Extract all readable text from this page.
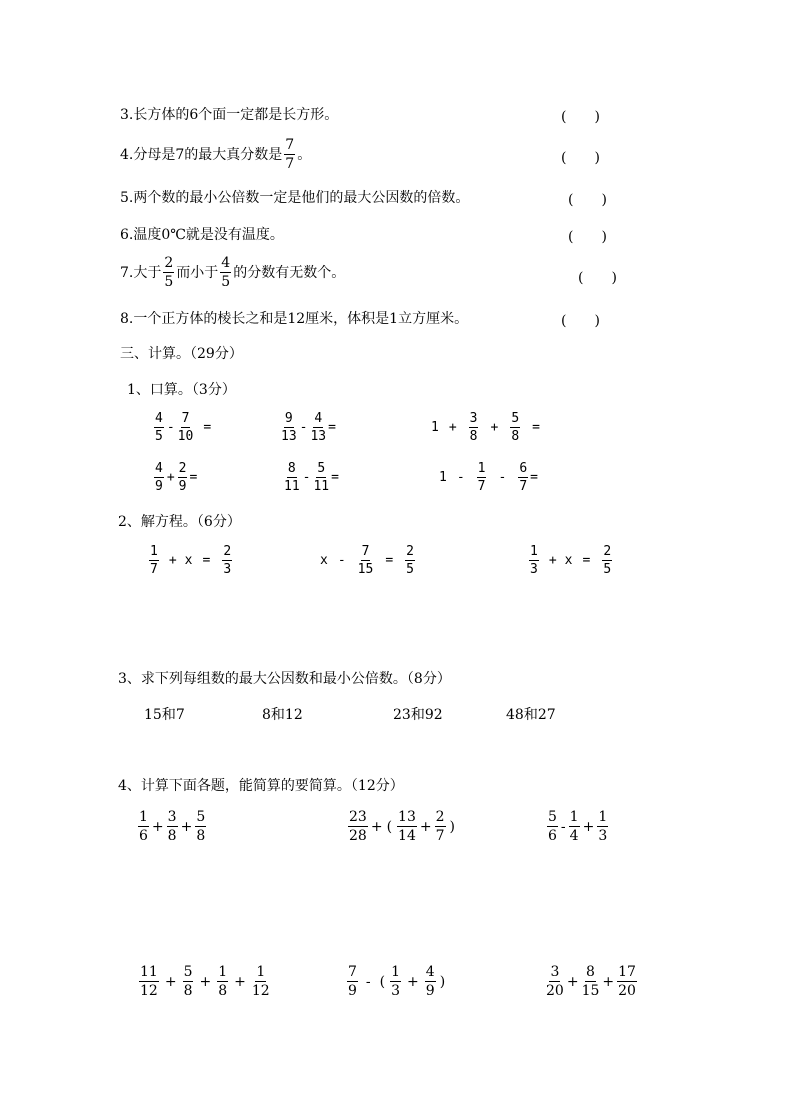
3.长方体的6个面一定都是长方形。	(　　)
4.分母是7的最大真分数是 $\frac{7}{7}$ 。	(　　)
5.两个数的最小公倍数一定是他们的最大公因数的倍数。	(　　)
6.温度0℃就是没有温度。	(　　)
7.大于 $\frac{2}{5}$ 而小于 $\frac{4}{5}$ 的分数有无数个。	(　　)
8.一个正方体的棱长之和是12厘米，体积是1立方厘米。	(　　)
三、计算。（29分）
1、口算。（3分）
$\frac{4}{5} - \frac{7}{10}$ =	$\frac{9}{13} - \frac{4}{13}$ =	$1 + \frac{3}{8} + \frac{5}{8}$ =
$\frac{4}{9} + \frac{2}{9}$ =	$\frac{8}{11} - \frac{5}{11}$ =	$1 - \frac{1}{7} - \frac{6}{7}$ =
2、解方程。（6分）
$\frac{1}{7} + x = \frac{2}{3}$	$x - \frac{7}{15} = \frac{2}{5}$	$\frac{1}{3} + x = \frac{2}{5}$
3、求下列每组数的最大公因数和最小公倍数。（8分）
15和7	8和12	23和92	48和27
4、计算下面各题，能简算的要简算。（12分）
$\frac{1}{6} + \frac{3}{8} + \frac{5}{8}$	$\frac{23}{28}$ + ( $\frac{13}{14} + \frac{2}{7}$ )	$\frac{5}{6} - \frac{1}{4} + \frac{1}{3}$
$\frac{11}{12} + \frac{5}{8} + \frac{1}{8} + \frac{1}{12}$	$\frac{7}{9}$ - ( $\frac{1}{3} + \frac{4}{9}$ )	$\frac{3}{20} + \frac{8}{15} + \frac{17}{20}$
